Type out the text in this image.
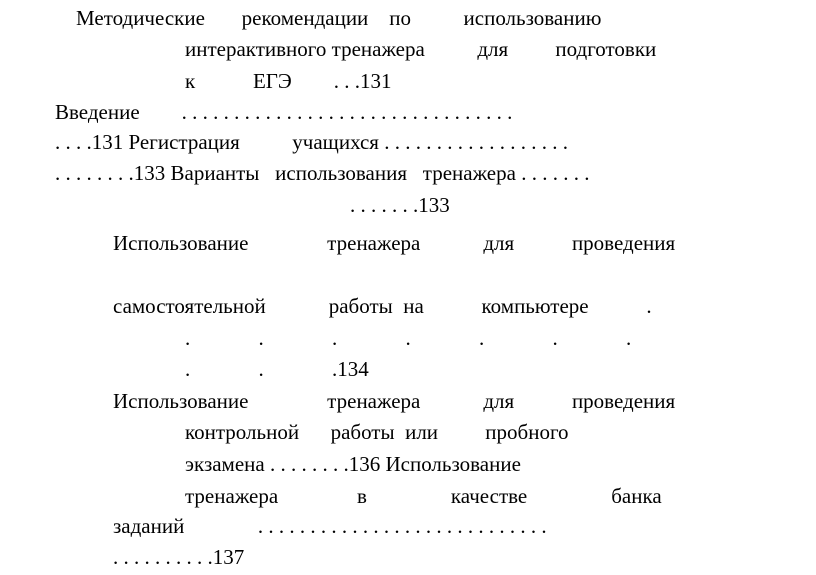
Методические       рекомендации    по          использованию
интерактивного тренажера          для         подготовки
к           ЕГЭ        . . .131
Введение        . . . . . . . . . . . . . . . . . . . . . . . . . . . . . . . .
. . . .131 Регистрация          учащихся . . . . . . . . . . . . . . . . . .
. . . . . . . .133 Варианты   использования   тренажера . . . . . . .
. . . . . . .133
Использование               тренажера            для           проведения
самостоятельной            работы  на           компьютере           .
.             .             .             .             .             .             .
.             .             .134
Использование               тренажера            для           проведения
контрольной      работы  или         пробного
экзамена . . . . . . . .136 Использование
тренажера               в                качестве                банка
заданий              . . . . . . . . . . . . . . . . . . . . . . . . . . . .
. . . . . . . . . .137
